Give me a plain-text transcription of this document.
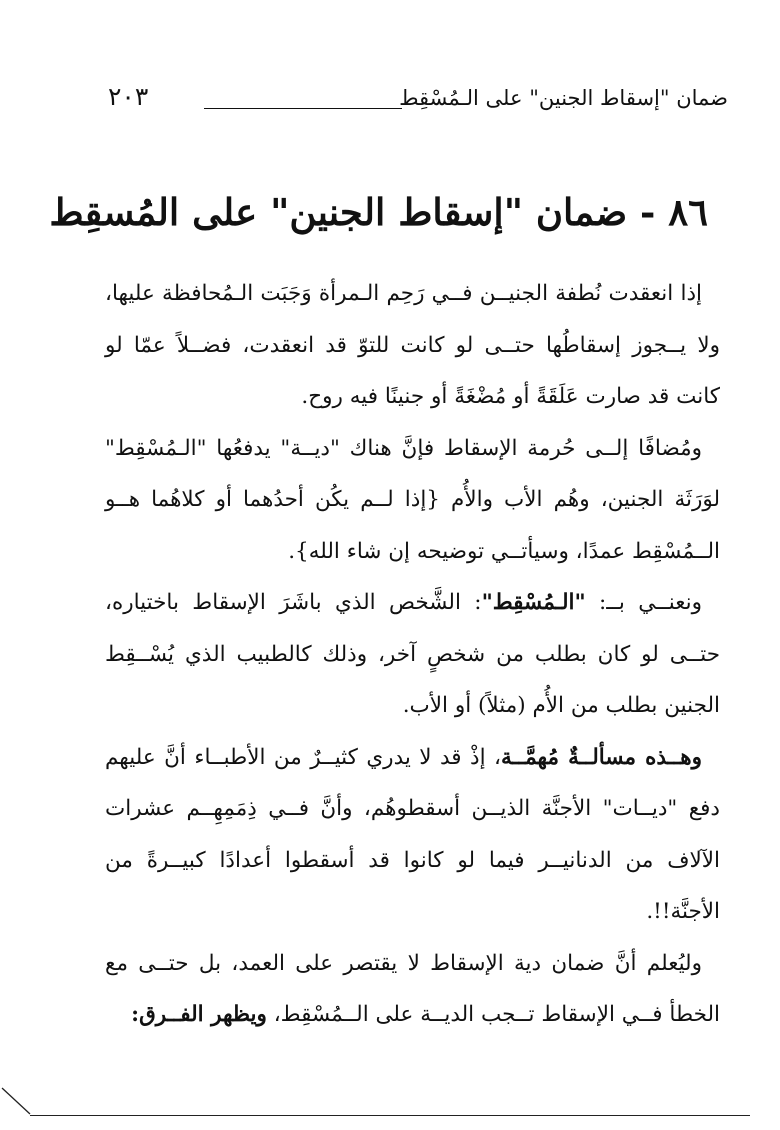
ضمان "إسقاط الجنين" على الـمُسْقِط
٢٠٣
٨٦ - ضمان "إسقاط الجنين" على المُسقِط

إذا انعقدت نُطفة الجنيــن فــي رَحِم الـمرأة وَجَبَت الـمُحافظة عليها، ولا يــجوز إسقاطُها حتــى لو كانت للتوّ قد انعقدت، فضــلاً عمّا لو كانت قد صارت عَلَقَةً أو مُضْغَةً أو جنينًا فيه روح.

ومُضافًا إلــى حُرمة الإسقاط فإنَّ هناك "ديــة" يدفعُها "الـمُسْقِط" لوَرَثَة الجنين، وهُم الأب والأُم {إذا لــم يكُن أحدُهما أو كلاهُما هــو الــمُسْقِط عمدًا، وسيأتــي توضيحه إن شاء الله}.

ونعنــي بــ: "الـمُسْقِط": الشَّخص الذي باشَرَ الإسقاط باختياره، حتــى لو كان بطلب من شخصٍ آخر، وذلك كالطبيب الذي يُسْــقِط الجنين بطلب من الأُم (مثلاً) أو الأب.

وهــذه مسألــةٌ مُهمَّــة، إذْ قد لا يدري كثيــرٌ من الأطبــاء أنَّ عليهم دفع "ديــات" الأجنَّة الذيــن أسقطوهُم، وأنَّ فــي ذِمَمِهِــم عشرات الآلاف من الدنانيــر فيما لو كانوا قد أسقطوا أعدادًا كبيــرةً من الأجنَّة!!.

وليُعلم أنَّ ضمان دية الإسقاط لا يقتصر على العمد، بل حتــى مع الخطأ فــي الإسقاط تــجب الديــة على الــمُسْقِط، ويظهر الفــرق:
